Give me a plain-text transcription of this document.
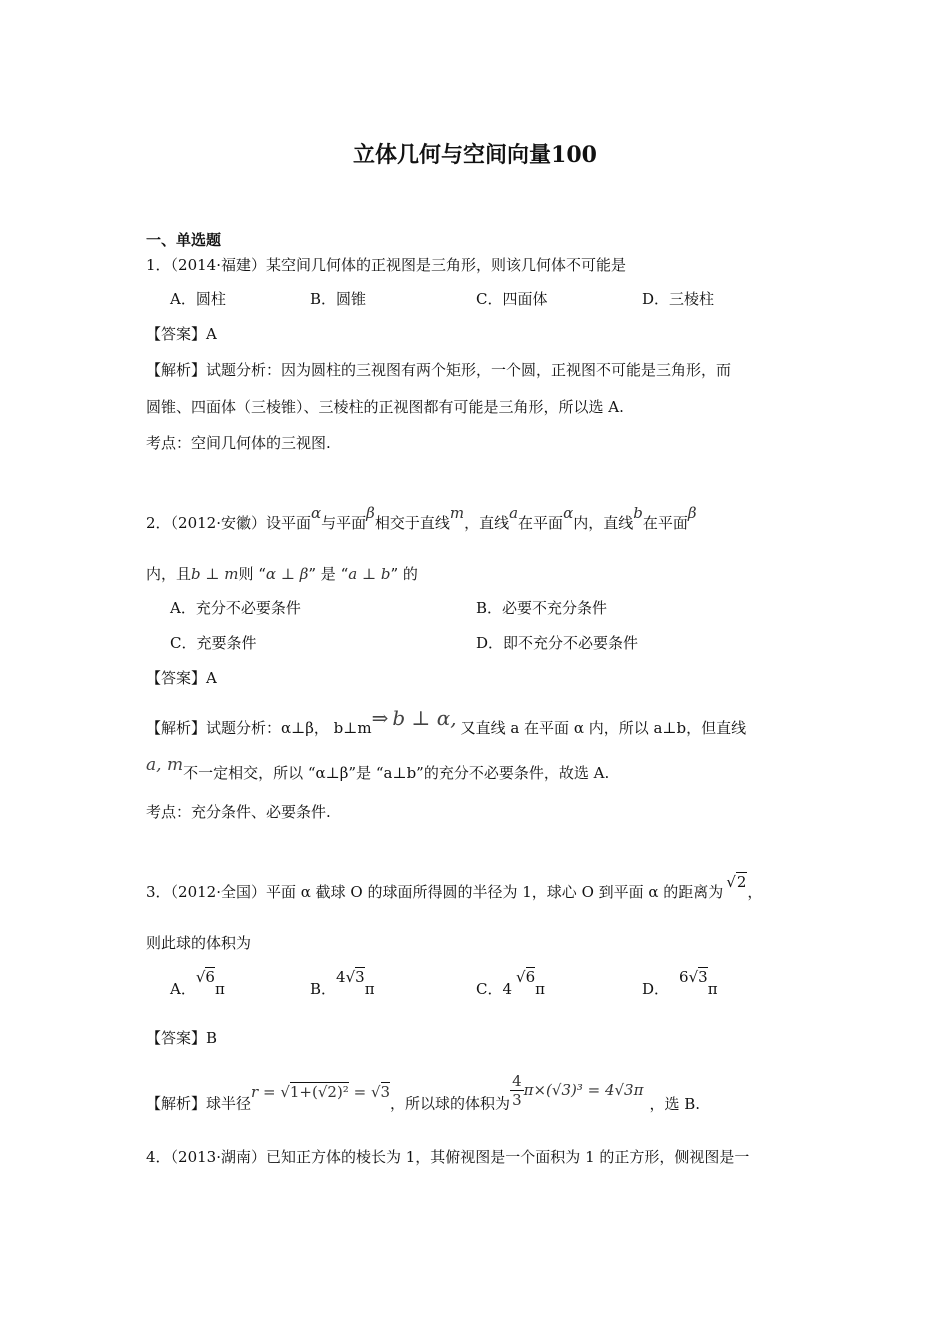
立体几何与空间向量100
一、单选题
1．（2014·福建）某空间几何体的正视图是三角形，则该几何体不可能是
A．圆柱	B．圆锥	C．四面体	D．三棱柱
【答案】A
【解析】试题分析：因为圆柱的三视图有两个矩形，一个圆，正视图不可能是三角形，而
圆锥、四面体（三棱锥）、三棱柱的正视图都有可能是三角形，所以选 A.
考点：空间几何体的三视图.
2．（2012·安徽）设平面α与平面β相交于直线m，直线a在平面α内，直线b在平面β
内，且b ⊥ m则 “α ⊥ β” 是 “a ⊥ b” 的
A．充分不必要条件	B．必要不充分条件
C．充要条件	D．即不充分不必要条件
【答案】A
【解析】试题分析：α⊥β， b⊥m⇒ b ⊥ α, 又直线 a 在平面 α 内，所以 a⊥b，但直线
a, m不一定相交，所以 “α⊥β”是 “a⊥b”的充分不必要条件，故选 A.
考点：充分条件、必要条件.
3．（2012·全国）平面 α 截球 O 的球面所得圆的半径为 1，球心 O 到平面 α 的距离为√2，
则此球的体积为
A．√6π	B．4√3π	C．4√6π	D．6√3π
【答案】B
【解析】球半径r = √1+(√2)² = √3，所以球的体积为 $\frac{4}{3} \pi\times(√3)^3 = 4√3\pi$，选 B.
4．（2013·湖南）已知正方体的棱长为 1，其俯视图是一个面积为 1 的正方形，侧视图是一
